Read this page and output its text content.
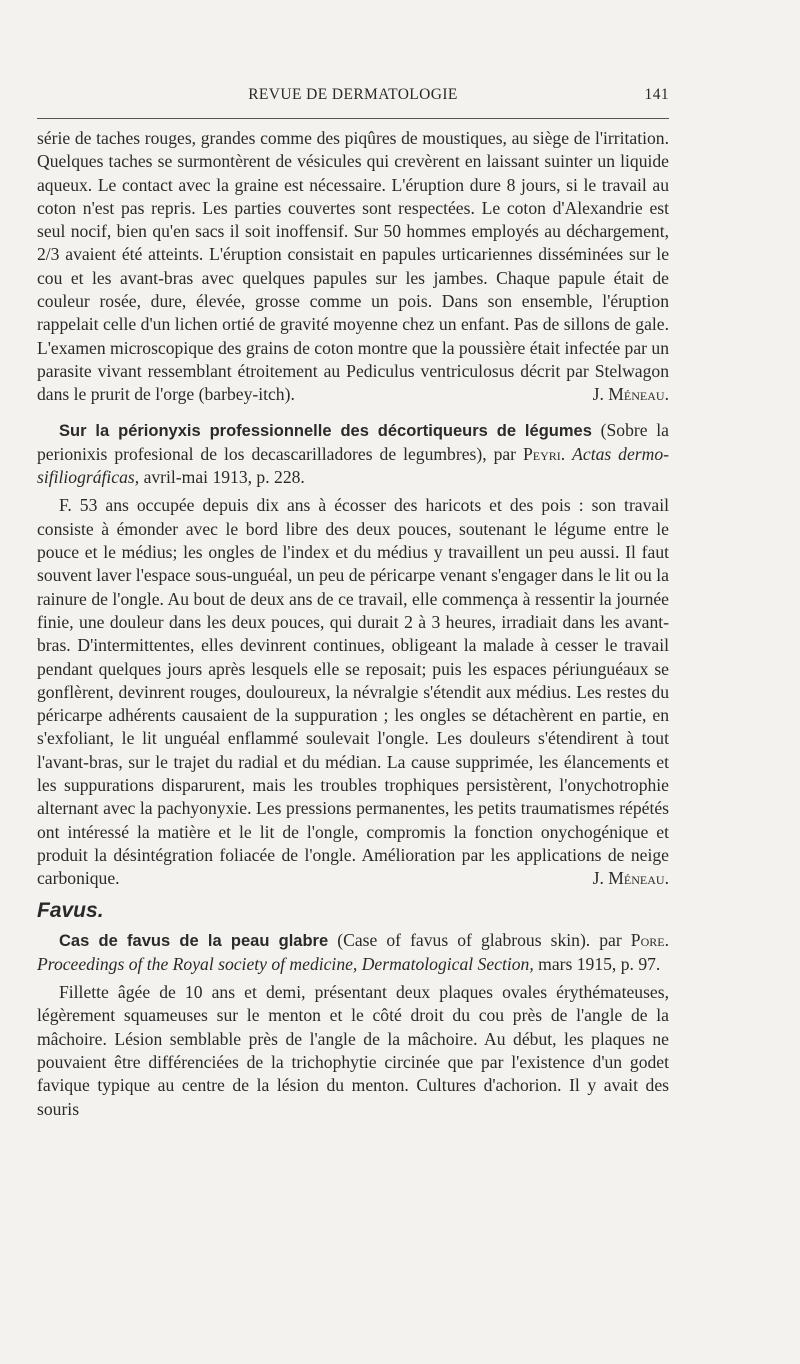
REVUE DE DERMATOLOGIE	141

série de taches rouges, grandes comme des piqûres de moustiques, au siège de l'irritation. Quelques taches se surmontèrent de vésicules qui crevèrent en laissant suinter un liquide aqueux. Le contact avec la graine est nécessaire. L'éruption dure 8 jours, si le travail au coton n'est pas repris. Les parties couvertes sont respectées. Le coton d'Alexandrie est seul nocif, bien qu'en sacs il soit inoffensif. Sur 50 hommes employés au déchargement, 2/3 avaient été atteints. L'éruption consistait en papules urticariennes disséminées sur le cou et les avant-bras avec quelques papules sur les jambes. Chaque papule était de couleur rosée, dure, élevée, grosse comme un pois. Dans son ensemble, l'éruption rappelait celle d'un lichen ortié de gravité moyenne chez un enfant. Pas de sillons de gale. L'examen microscopique des grains de coton montre que la poussière était infectée par un parasite vivant ressemblant étroitement au Pediculus ventriculosus décrit par Stelwagon dans le prurit de l'orge (barbey-itch).	J. Méneau.

Sur la périonyxis professionnelle des décortiqueurs de légumes (Sobre la perionixis profesional de los decascarilladores de legumbres), par Peyri. Actas dermo-sifiliográficas, avril-mai 1913, p. 228.

F. 53 ans occupée depuis dix ans à écosser des haricots et des pois : son travail consiste à émonder avec le bord libre des deux pouces, soutenant le légume entre le pouce et le médius; les ongles de l'index et du médius y travaillent un peu aussi. Il faut souvent laver l'espace sous-unguéal, un peu de péricarpe venant s'engager dans le lit ou la rainure de l'ongle. Au bout de deux ans de ce travail, elle commença à ressentir la journée finie, une douleur dans les deux pouces, qui durait 2 à 3 heures, irradiait dans les avant-bras. D'intermittentes, elles devinrent continues, obligeant la malade à cesser le travail pendant quelques jours après lesquels elle se reposait; puis les espaces périunguéaux se gonflèrent, devinrent rouges, douloureux, la névralgie s'étendit aux médius. Les restes du péricarpe adhérents causaient de la suppuration ; les ongles se détachèrent en partie, en s'exfoliant, le lit unguéal enflammé soulevait l'ongle. Les douleurs s'étendirent à tout l'avant-bras, sur le trajet du radial et du médian. La cause supprimée, les élancements et les suppurations disparurent, mais les troubles trophiques persistèrent, l'onychotrophie alternant avec la pachyonyxie. Les pressions permanentes, les petits traumatismes répétés ont intéressé la matière et le lit de l'ongle, compromis la fonction onychogénique et produit la désintégration foliacée de l'ongle. Amélioration par les applications de neige carbonique.	J. Méneau.

Favus.

Cas de favus de la peau glabre (Case of favus of glabrous skin). par Pore. Proceedings of the Royal society of medicine, Dermatological Section, mars 1915, p. 97.

Fillette âgée de 10 ans et demi, présentant deux plaques ovales érythémateuses, légèrement squameuses sur le menton et le côté droit du cou près de l'angle de la mâchoire. Lésion semblable près de l'angle de la mâchoire. Au début, les plaques ne pouvaient être différenciées de la trichophytie circinée que par l'existence d'un godet favique typique au centre de la lésion du menton. Cultures d'achorion. Il y avait des souris
